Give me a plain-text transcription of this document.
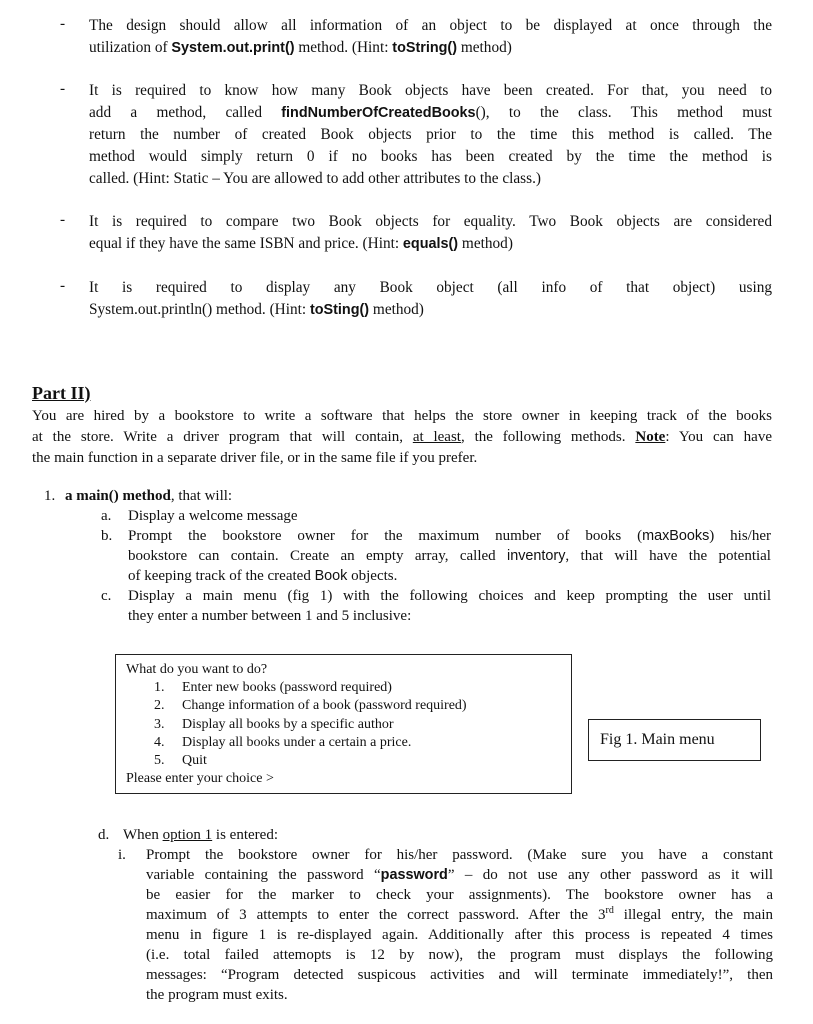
- The design should allow all information of an object to be displayed at once through the
utilization of System.out.print() method. (Hint: toString() method)
- It is required to know how many Book objects have been created. For that, you need to
add a method, called findNumberOfCreatedBooks(), to the class. This method must
return the number of created Book objects prior to the time this method is called. The
method would simply return 0 if no books has been created by the time the method is
called. (Hint: Static – You are allowed to add other attributes to the class.)
- It is required to compare two Book objects for equality. Two Book objects are considered
equal if they have the same ISBN and price. (Hint: equals() method)
- It is required to display any Book object (all info of that object) using
System.out.println() method. (Hint: toSting() method)
Part II)
You are hired by a bookstore to write a software that helps the store owner in keeping track of the books
at the store. Write a driver program that will contain, at least, the following methods. Note: You can have
the main function in a separate driver file, or in the same file if you prefer.
1. a main() method, that will:
a. Display a welcome message
b. Prompt the bookstore owner for the maximum number of books (maxBooks) his/her
bookstore can contain. Create an empty array, called inventory, that will have the potential
of keeping track of the created Book objects.
c. Display a main menu (fig 1) with the following choices and keep prompting the user until
they enter a number between 1 and 5 inclusive:
What do you want to do?
1. Enter new books (password required)
2. Change information of a book (password required)
3. Display all books by a specific author
4. Display all books under a certain a price.
5. Quit
Please enter your choice >
Fig 1. Main menu
d. When option 1 is entered:
i. Prompt the bookstore owner for his/her password. (Make sure you have a constant
variable containing the password “password” – do not use any other password as it will
be easier for the marker to check your assignments). The bookstore owner has a
maximum of 3 attempts to enter the correct password. After the 3rd illegal entry, the main
menu in figure 1 is re-displayed again. Additionally after this process is repeated 4 times
(i.e. total failed attemopts is 12 by now), the program must displays the following
messages: “Program detected suspicous activities and will terminate immediately!”, then
the program must exits.
